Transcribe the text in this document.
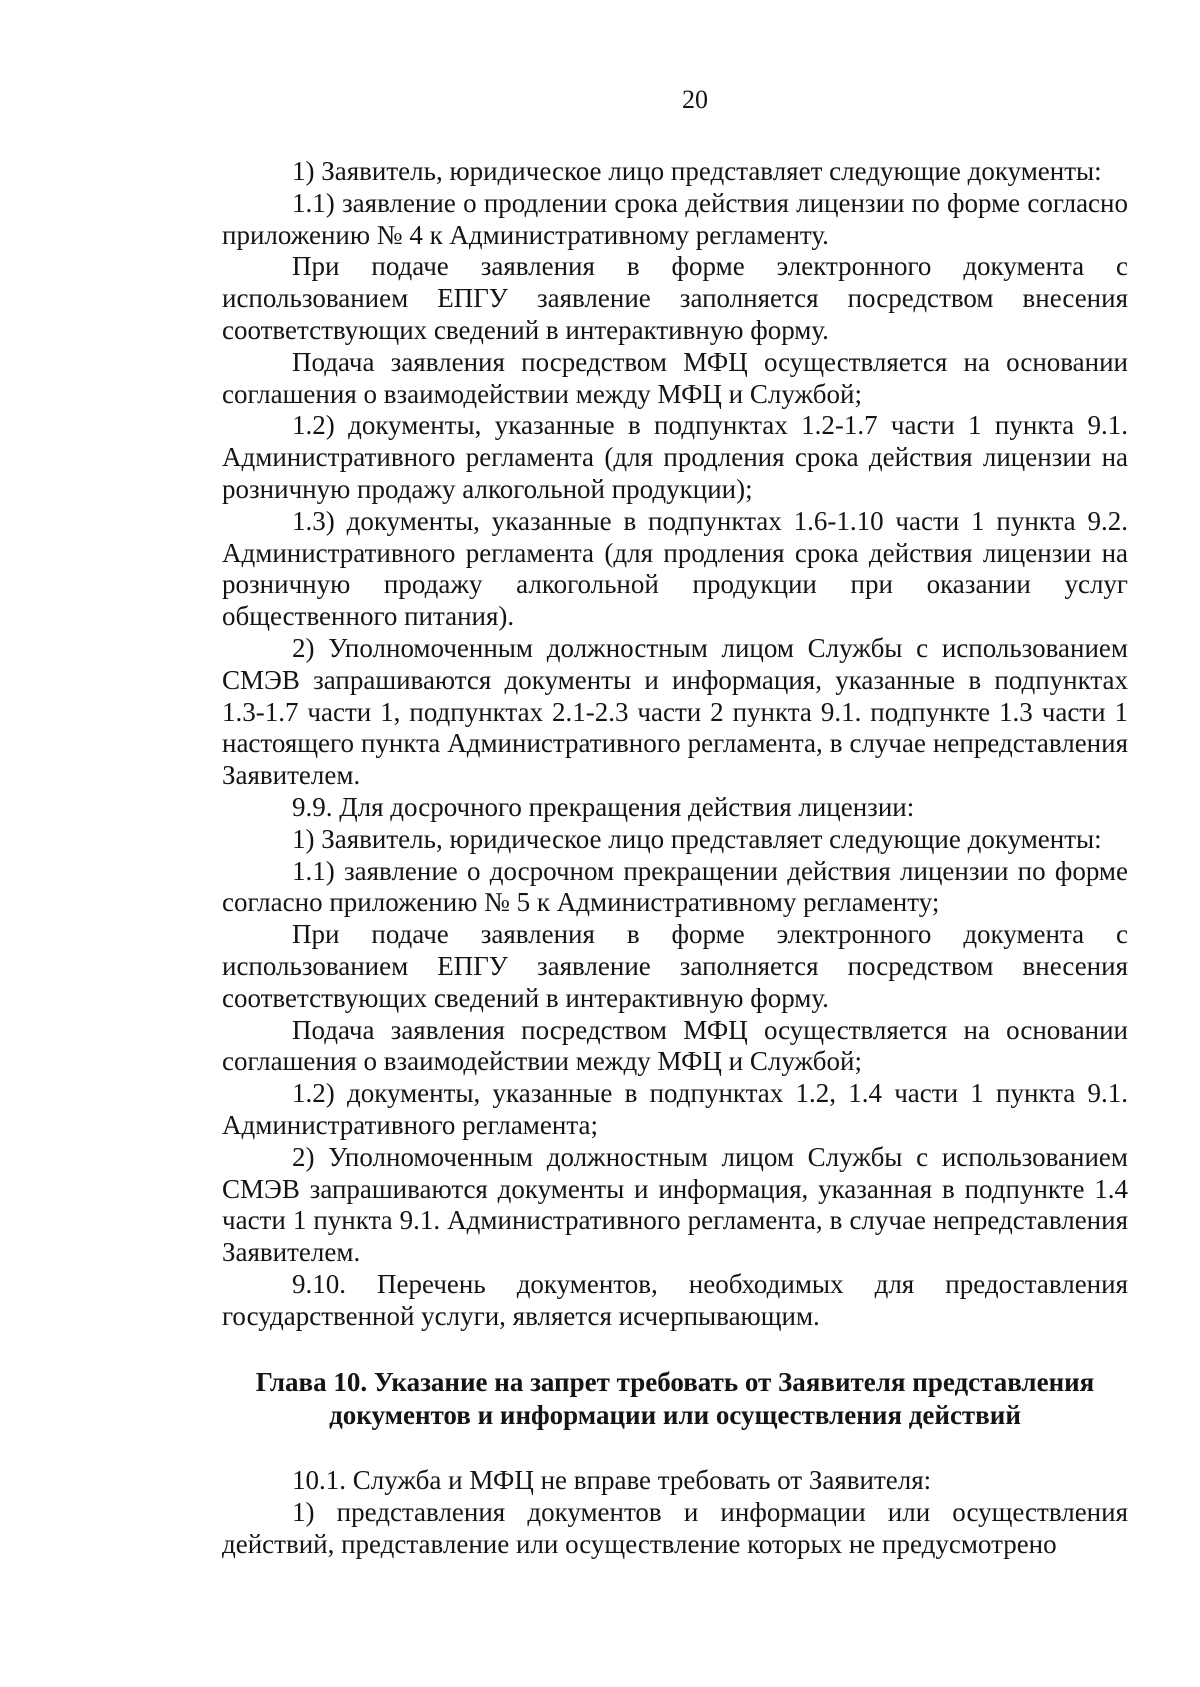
20

1) Заявитель, юридическое лицо представляет следующие документы:

1.1) заявление о продлении срока действия лицензии по форме согласно приложению № 4 к Административному регламенту.

При подаче заявления в форме электронного документа с использованием ЕПГУ заявление заполняется посредством внесения соответствующих сведений в интерактивную форму.

Подача заявления посредством МФЦ осуществляется на основании соглашения о взаимодействии между МФЦ и Службой;

1.2) документы, указанные в подпунктах 1.2-1.7 части 1 пункта 9.1. Административного регламента (для продления срока действия лицензии на розничную продажу алкогольной продукции);

1.3) документы, указанные в подпунктах 1.6-1.10 части 1 пункта 9.2. Административного регламента (для продления срока действия лицензии на розничную продажу алкогольной продукции при оказании услуг общественного питания).

2) Уполномоченным должностным лицом Службы с использованием СМЭВ запрашиваются документы и информация, указанные в подпунктах 1.3-1.7 части 1, подпунктах 2.1-2.3 части 2 пункта 9.1. подпункте 1.3 части 1 настоящего пункта Административного регламента, в случае непредставления Заявителем.

9.9. Для досрочного прекращения действия лицензии:

1) Заявитель, юридическое лицо представляет следующие документы:

1.1) заявление о досрочном прекращении действия лицензии по форме согласно приложению № 5 к Административному регламенту;

При подаче заявления в форме электронного документа с использованием ЕПГУ заявление заполняется посредством внесения соответствующих сведений в интерактивную форму.

Подача заявления посредством МФЦ осуществляется на основании соглашения о взаимодействии между МФЦ и Службой;

1.2) документы, указанные в подпунктах 1.2, 1.4 части 1 пункта 9.1. Административного регламента;

2) Уполномоченным должностным лицом Службы с использованием СМЭВ запрашиваются документы и информация, указанная в подпункте 1.4 части 1 пункта 9.1. Административного регламента, в случае непредставления Заявителем.

9.10. Перечень документов, необходимых для предоставления государственной услуги, является исчерпывающим.

Глава 10. Указание на запрет требовать от Заявителя представления
документов и информации или осуществления действий

10.1. Служба и МФЦ не вправе требовать от Заявителя:

1) представления документов и информации или осуществления действий, представление или осуществление которых не предусмотрено
